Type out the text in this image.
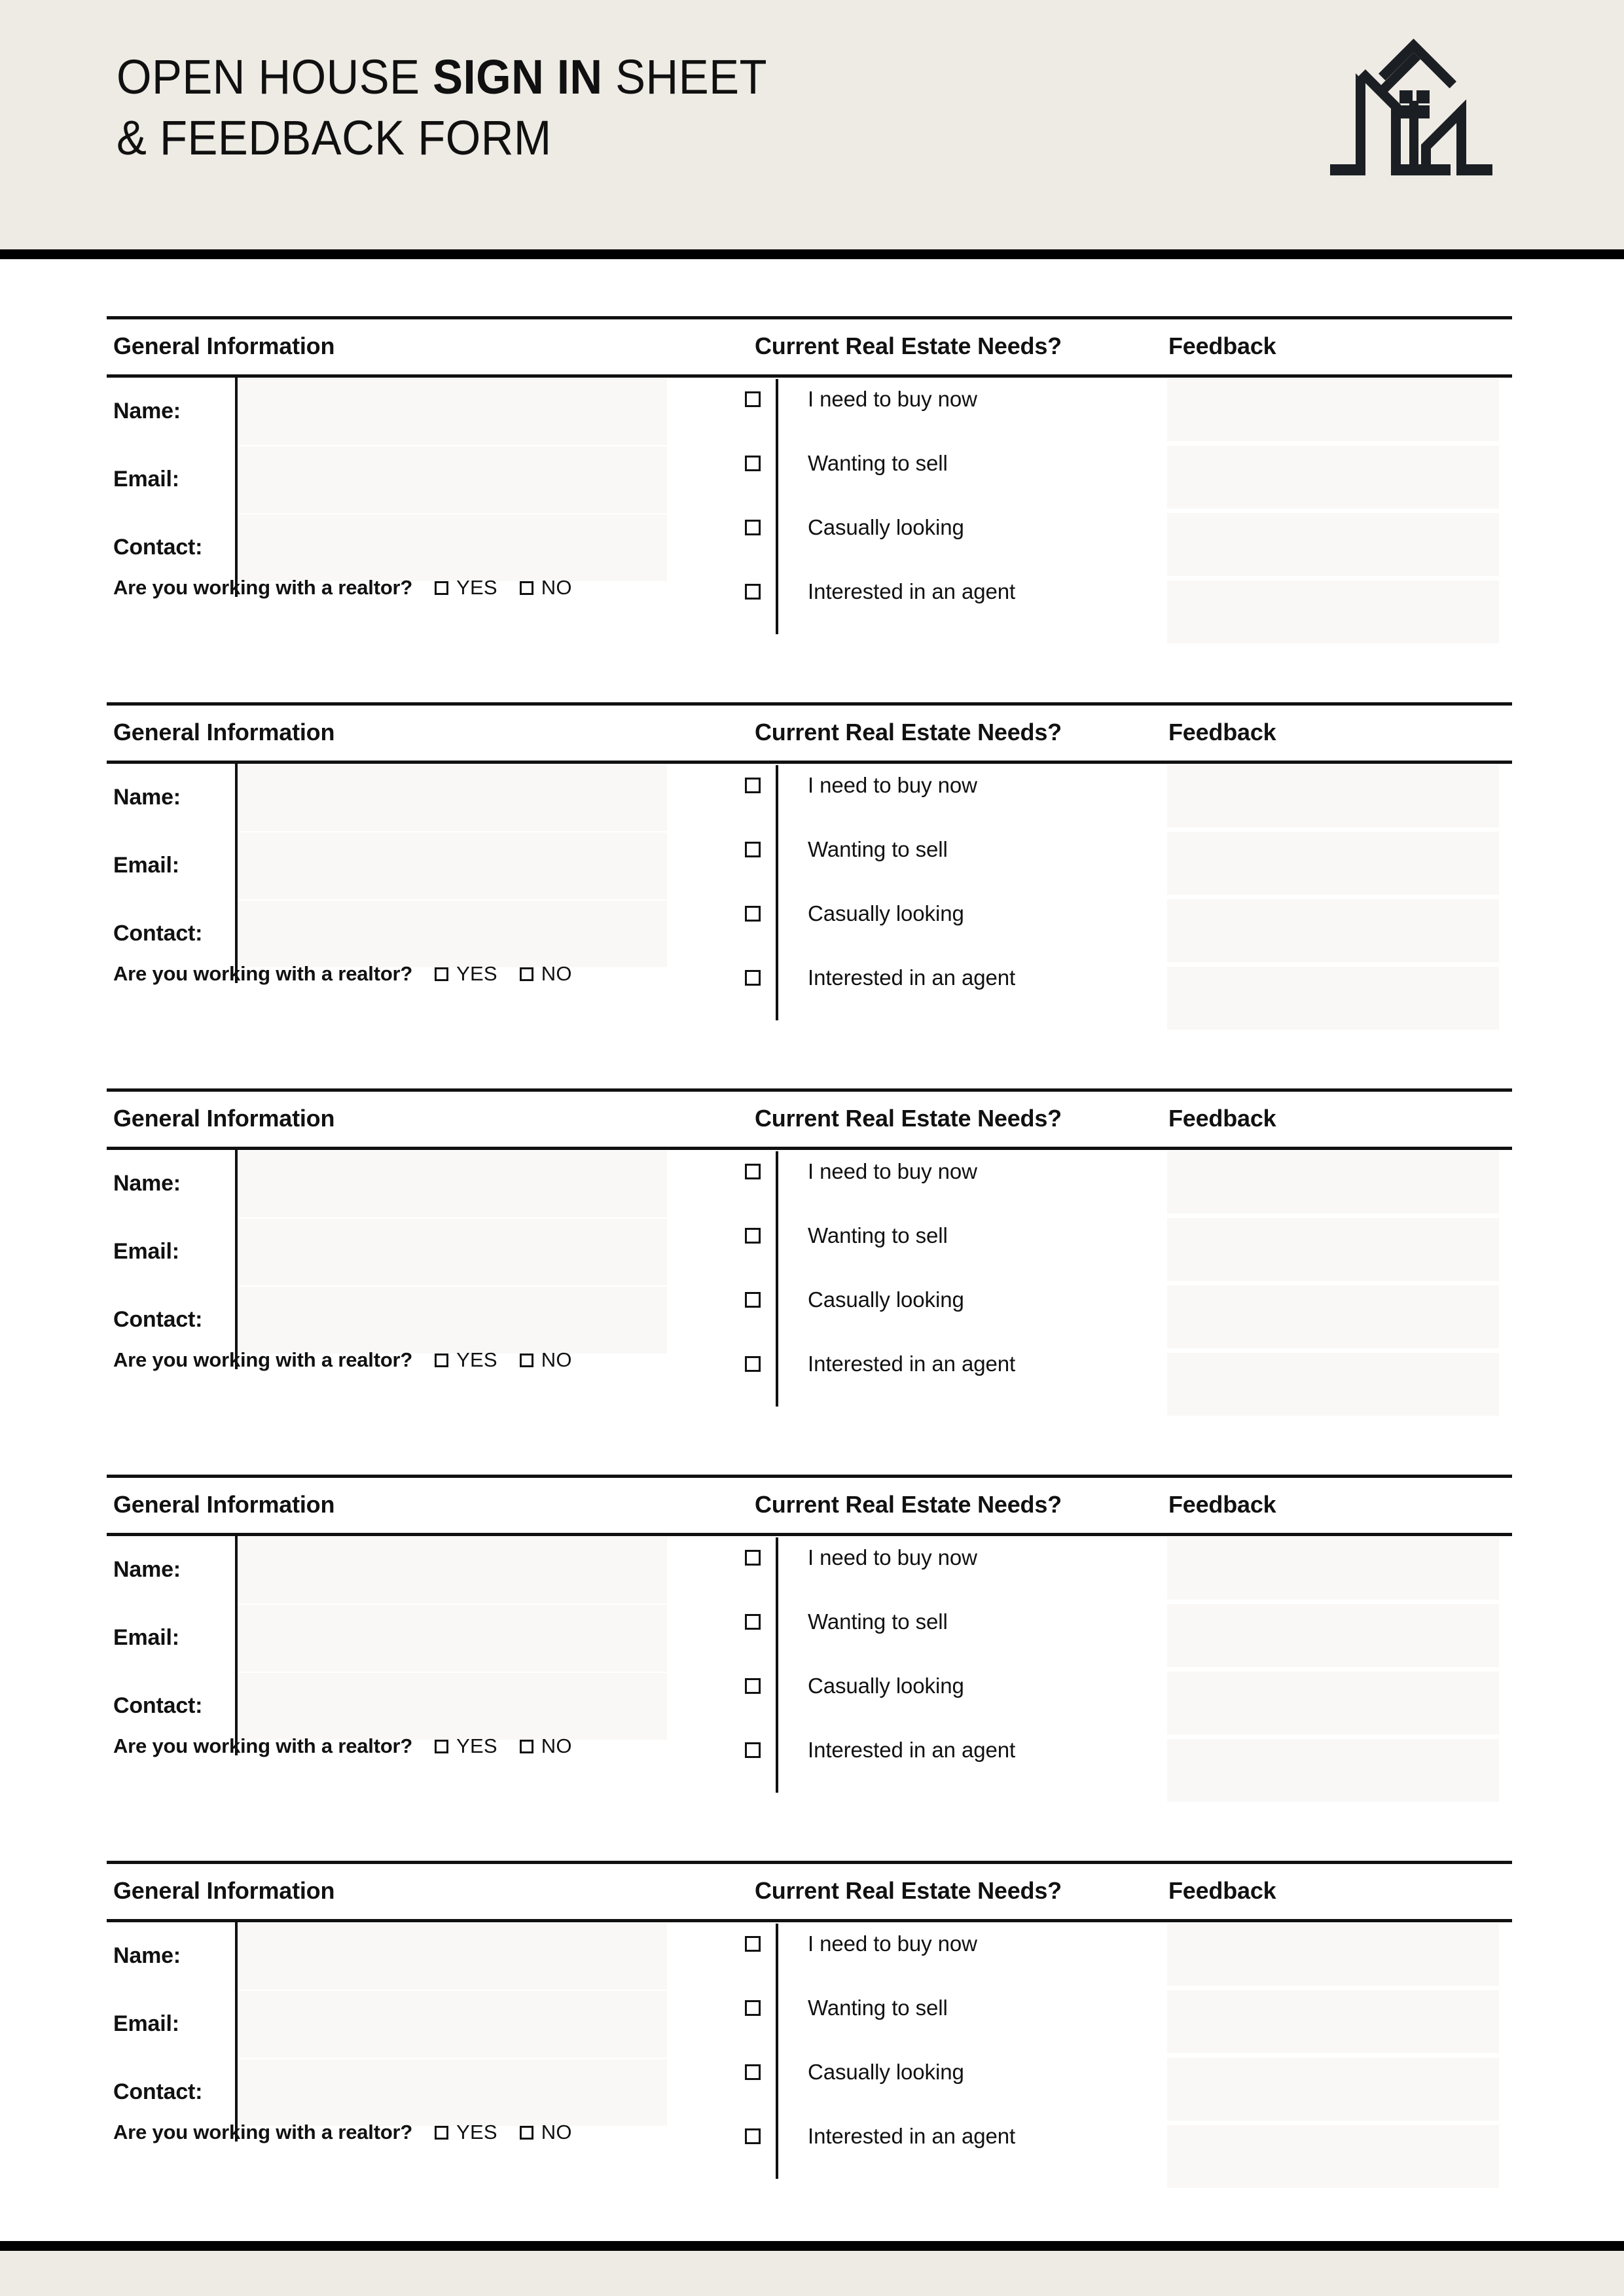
OPEN HOUSE SIGN IN SHEET
& FEEDBACK FORM
General Information	Current Real Estate Needs?	Feedback
Name:
Email:
Contact:
Are you working with a realtor? YES NO
I need to buy now
Wanting to sell
Casually looking
Interested in an agent
General Information	Current Real Estate Needs?	Feedback
Name:
Email:
Contact:
Are you working with a realtor? YES NO
I need to buy now
Wanting to sell
Casually looking
Interested in an agent
General Information	Current Real Estate Needs?	Feedback
Name:
Email:
Contact:
Are you working with a realtor? YES NO
I need to buy now
Wanting to sell
Casually looking
Interested in an agent
General Information	Current Real Estate Needs?	Feedback
Name:
Email:
Contact:
Are you working with a realtor? YES NO
I need to buy now
Wanting to sell
Casually looking
Interested in an agent
General Information	Current Real Estate Needs?	Feedback
Name:
Email:
Contact:
Are you working with a realtor? YES NO
I need to buy now
Wanting to sell
Casually looking
Interested in an agent
